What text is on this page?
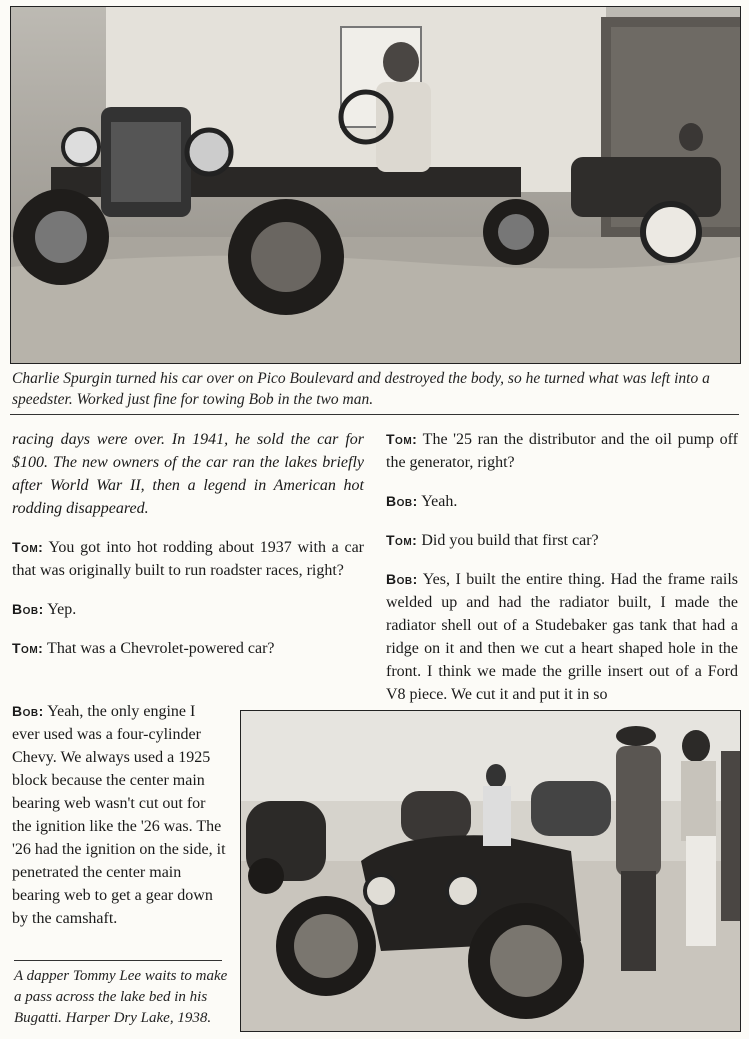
Charlie Spurgin turned his car over on Pico Boulevard and destroyed the body, so he turned what was left into a speedster. Worked just fine for towing Bob in the two man.

racing days were over. In 1941, he sold the car for $100. The new owners of the car ran the lakes briefly after World War II, then a legend in American hot rodding disappeared.

Tom: You got into hot rodding about 1937 with a car that was originally built to run roadster races, right?

Bob: Yep.

Tom: That was a Chevrolet-powered car?

Bob: Yeah, the only engine I ever used was a four-cylinder Chevy. We always used a 1925 block because the center main bearing web wasn't cut out for the ignition like the '26 was. The '26 had the ignition on the side, it penetrated the center main bearing web to get a gear down by the camshaft.

Tom: The '25 ran the distributor and the oil pump off the generator, right?

Bob: Yeah.

Tom: Did you build that first car?

Bob: Yes, I built the entire thing. Had the frame rails welded up and had the radiator built, I made the radiator shell out of a Studebaker gas tank that had a ridge on it and then we cut a heart shaped hole in the front. I think we made the grille insert out of a Ford V8 piece. We cut it and put it in so

A dapper Tommy Lee waits to make a pass across the lake bed in his Bugatti. Harper Dry Lake, 1938.
